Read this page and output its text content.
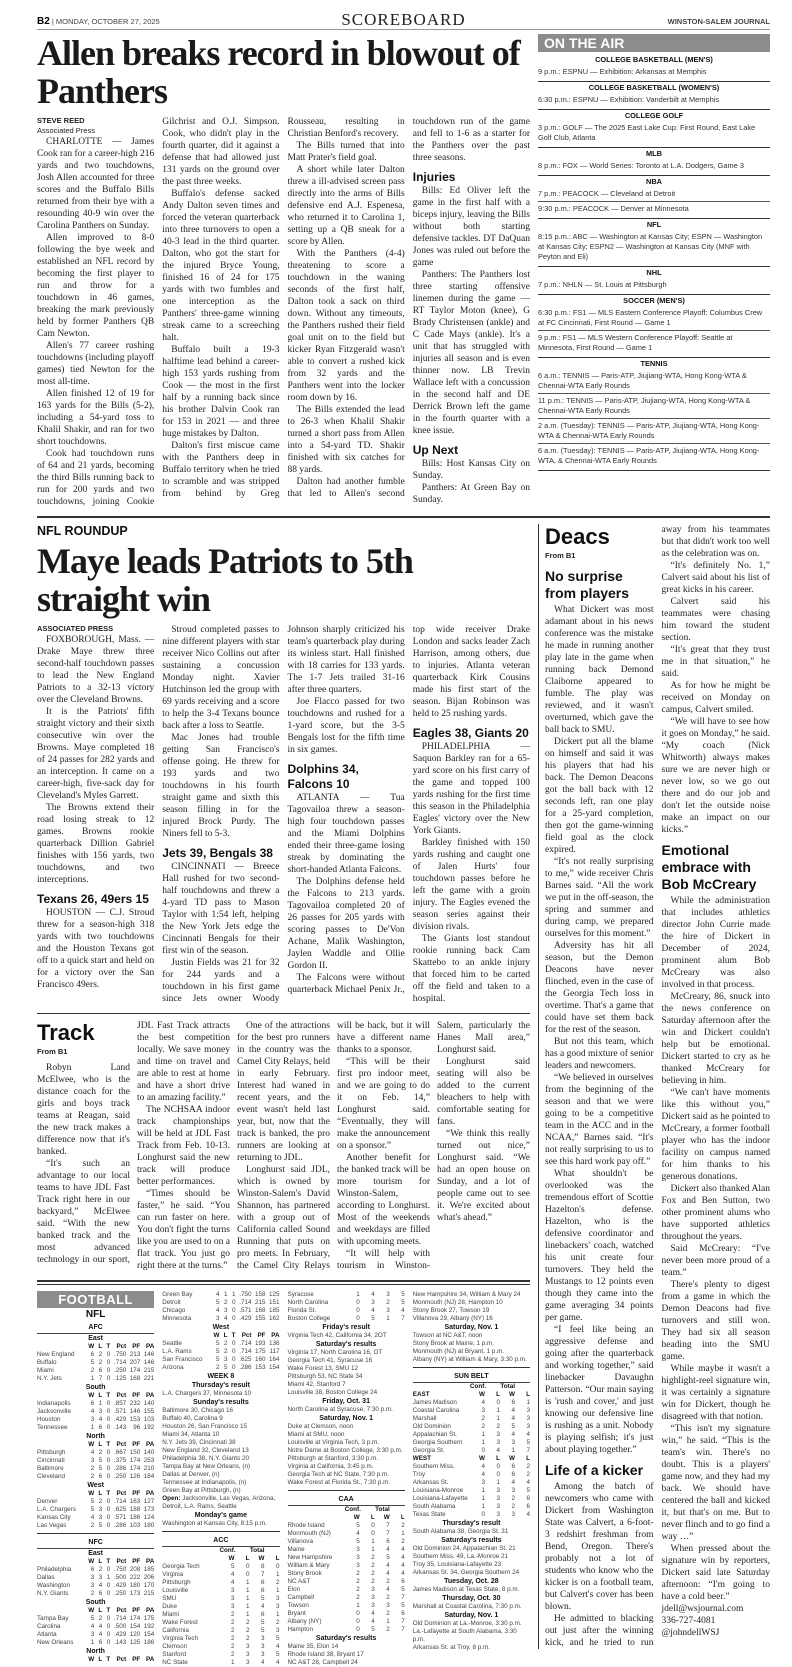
B2 | MONDAY, OCTOBER 27, 2025	SCOREBOARD	WINSTON-SALEM JOURNAL
Allen breaks record in blowout of Panthers
STEVE REED
Associated Press

CHARLOTTE — James Cook ran for a career-high 216 yards and two touchdowns, Josh Allen accounted for three scores and the Buffalo Bills returned from their bye with a resounding 40-9 win over the Carolina Panthers on Sunday.

Allen improved to 8-0 following the bye week and established an NFL record by becoming the first player to run and throw for a touchdown in 46 games, breaking the mark previously held by former Panthers QB Cam Newton.

Allen's 77 career rushing touchdowns (including playoff games) tied Newton for the most all-time.

Allen finished 12 of 19 for 163 yards for the Bills (5-2), including a 54-yard toss to Khalil Shakir, and ran for two short touchdowns.

Cook had touchdown runs of 64 and 21 yards, becoming the third Bills running back to run for 200 yards and two touchdowns, joining Cookie Gilchrist and O.J. Simpson. Cook, who didn't play in the fourth quarter, did it against a defense that had allowed just 131 yards on the ground over the past three weeks.

Buffalo's defense sacked Andy Dalton seven times and forced the veteran quarterback into three turnovers to open a 40-3 lead in the third quarter. Dalton, who got the start for the injured Bryce Young, finished 16 of 24 for 175 yards with two fumbles and one interception as the Panthers' three-game winning streak came to a screeching halt.

Buffalo built a 19-3 halftime lead behind a career-high 153 yards rushing from Cook — the most in the first half by a running back since his brother Dalvin Cook ran for 153 in 2021 — and three huge mistakes by Dalton.

Dalton's first miscue came with the Panthers deep in Buffalo territory when he tried to scramble and was stripped from behind by Greg Rousseau, resulting in Christian Benford's recovery.

The Bills turned that into Matt Prater's field goal.

A short while later Dalton threw a ill-advised screen pass directly into the arms of Bills defensive end A.J. Espenesa, who returned it to Carolina 1, setting up a QB sneak for a score by Allen.

With the Panthers (4-4) threatening to score a touchdown in the waning seconds of the first half, Dalton took a sack on third down. Without any timeouts, the Panthers rushed their field goal unit on to the field but kicker Ryan Fitzgerald wasn't able to convert a rushed kick from 32 yards and the Panthers went into the locker room down by 16.

The Bills extended the lead to 26-3 when Khalil Shakir turned a short pass from Allen into a 54-yard TD. Shakir finished with six catches for 88 yards.

Dalton had another fumble that led to Allen's second touchdown run of the game and fell to 1-6 as a starter for the Panthers over the past three seasons.

Injuries

Bills: Ed Oliver left the game in the first half with a biceps injury, leaving the Bills without both starting defensive tackles. DT DaQuan Jones was ruled out before the game

Panthers: The Panthers lost three starting offensive linemen during the game — RT Taylor Moton (knee), G Brady Christensen (ankle) and C Cade Mays (ankle). It's a unit that has struggled with injuries all season and is even thinner now. LB Trevin Wallace left with a concussion in the second half and DE Derrick Brown left the game in the fourth quarter with a knee issue.

Up Next

Bills: Host Kansas City on Sunday.

Panthers: At Green Bay on Sunday.

ON THE AIR
COLLEGE BASKETBALL (MEN'S)
9 p.m.: ESPNU — Exhibition: Arkansas at Memphis
COLLEGE BASKETBALL (WOMEN'S)
6:30 p.m.: ESPNU — Exhibition: Vanderbilt at Memphis
COLLEGE GOLF
3 p.m.: GOLF — The 2025 East Lake Cup: First Round, East Lake Golf Club, Atlanta
MLB
8 p.m.: FOX — World Series: Toronto at L.A. Dodgers, Game 3
NBA
7 p.m.: PEACOCK — Cleveland at Detroit
9:30 p.m.: PEACOCK — Denver at Minnesota
NFL
8:15 p.m.: ABC — Washington at Kansas City; ESPN — Washington at Kansas City; ESPN2 — Washington at Kansas City (MNF with Peyton and Eli)
NHL
7 p.m.: NHLN — St. Louis at Pittsburgh
SOCCER (MEN'S)
6:30 p.m.: FS1 — MLS Eastern Conference Playoff: Columbus Crew at FC Cincinnati, First Round — Game 1
9 p.m.: FS1 — MLS Western Conference Playoff: Seattle at Minnesota, First Round — Game 1
TENNIS
6 a.m.: TENNIS — Paris-ATP, Jiujiang-WTA, Hong Kong-WTA & Chennai-WTA Early Rounds
11 p.m.: TENNIS — Paris-ATP, Jiujiang-WTA, Hong Kong-WTA & Chennai-WTA Early Rounds
2 a.m. (Tuesday): TENNIS — Paris-ATP, Jiujiang-WTA, Hong Kong-WTA & Chennai-WTA Early Rounds
6 a.m. (Tuesday): TENNIS — Paris-ATP, Jiujiang-WTA, Hong Kong-WTA, & Chennai-WTA Early Rounds
NFL ROUNDUP
Maye leads Patriots to 5th straight win
ASSOCIATED PRESS

FOXBOROUGH, Mass. — Drake Maye threw three second-half touchdown passes to lead the New England Patriots to a 32-13 victory over the Cleveland Browns.

It is the Patriots' fifth straight victory and their sixth consecutive win over the Browns. Maye completed 18 of 24 passes for 282 yards and an interception. It came on a career-high, five-sack day for Cleveland's Myles Garrett.

The Browns extend their road losing streak to 12 games. Browns rookie quarterback Dillion Gabriel finishes with 156 yards, two touchdowns, and two interceptions.

Texans 26, 49ers 15

HOUSTON — C.J. Stroud threw for a season-high 318 yards with two touchdowns and the Houston Texans got off to a quick start and held on for a victory over the San Francisco 49ers.

Stroud completed passes to nine different players with star receiver Nico Collins out after sustaining a concussion Monday night. Xavier Hutchinson led the group with 69 yards receiving and a score to help the 3-4 Texans bounce back after a loss to Seattle.

Mac Jones had trouble getting San Francisco's offense going. He threw for 193 yards and two touchdowns in his fourth straight game and sixth this season filling in for the injured Brock Purdy. The Niners fell to 5-3.

Jets 39, Bengals 38

CINCINNATI — Breece Hall rushed for two second-half touchdowns and threw a 4-yard TD pass to Mason Taylor with 1:54 left, helping the New York Jets edge the Cincinnati Bengals for their first win of the season.

Justin Fields was 21 for 32 for 244 yards and a touchdown in his first game since Jets owner Woody Johnson sharply criticized his team's quarterback play during its winless start. Hall finished with 18 carries for 133 yards. The 1-7 Jets trailed 31-16 after three quarters.

Joe Flacco passed for two touchdowns and rushed for a 1-yard score, but the 3-5 Bengals lost for the fifth time in six games.

Dolphins 34, Falcons 10

ATLANTA — Tua Tagovailoa threw a season-high four touchdown passes and the Miami Dolphins ended their three-game losing streak by dominating the short-handed Atlanta Falcons.

The Dolphins defense held the Falcons to 213 yards. Tagovailoa completed 20 of 26 passes for 205 yards with scoring passes to De'Von Achane, Malik Washington, Jaylen Waddle and Ollie Gordon II.

The Falcons were without quarterback Michael Penix Jr., top wide receiver Drake London and sacks leader Zach Harrison, among others, due to injuries. Atlanta veteran quarterback Kirk Cousins made his first start of the season. Bijan Robinson was held to 25 rushing yards.

Eagles 38, Giants 20

PHILADELPHIA — Saquon Barkley ran for a 65-yard score on his first carry of the game and topped 100 yards rushing for the first time this season in the Philadelphia Eagles' victory over the New York Giants.

Barkley finished with 150 yards rushing and caught one of Jalen Hurts' four touchdown passes before he left the game with a groin injury. The Eagles evened the season series against their division rivals.

The Giants lost standout rookie running back Cam Skattebo to an ankle injury that forced him to be carted off the field and taken to a hospital.

Track
From B1

Robyn Land McElwee, who is the distance coach for the girls and boys track teams at Reagan, said the new track makes a difference now that it's banked.

“It's such an advantage to our local teams to have JDL Fast Track right here in our backyard,” McElwee said. “With the new banked track and the most advanced technology in our sport, JDL Fast Track attracts the best competition locally. We save money and time on travel and are able to rest at home and have a short drive to an amazing facility.”

The NCHSAA indoor track championships will be held at JDL Fast Track from Feb. 10-13. Longhurst said the new track will produce better performances.

“Times should be faster,” he said. “You can run faster on here. You don't fight the turns like you are used to on a flat track. You just go right there at the turns.”

One of the attractions for the best pro runners in the country was the Camel City Relays, held in early February. Interest had waned in recent years, and the event wasn't held last year, but, now that the track is banked, the pro runners are looking at returning to JDL.

Longhurst said JDL, which is owned by Winston-Salem's David Shannon, has partnered with a group out of California called Sound Running that puts on pro meets. In February, the Camel City Relays will be back, but it will have a different name thanks to a sponsor.

“This will be their first pro indoor meet, and we are going to do it on Feb. 14,” Longhurst said. “Eventually, they will make the announcement on a sponsor.”

Another benefit for the banked track will be more tourism for Winston-Salem, according to Longhurst. Most of the weekends and weekdays are filled with upcoming meets.

“It will help with tourism in Winston-Salem, particularly the Hanes Mall area,” Longhurst said.

Longhurst said seating will also be added to the current bleachers to help with comfortable seating for fans.

“We think this really turned out nice,” Longhurst said. “We had an open house on Sunday, and a lot of people came out to see it. We're excited about what's ahead.”

FOOTBALL
NFL
AFC
East
W L T Pct PF PA
New England	6 2 0 .750 213 146
Buffalo	5 2 0 .714 207 146
Miami	2 6 0 .250 174 215
N.Y. Jets	1 7 0 .125 168 221
South
W L T Pct PF PA
Indianapolis	6 1 0 .857 232 140
Jacksonville	4 3 0 .571 146 155
Houston	3 4 0 .429 153 103
Tennessee	1 6 0 .143	96 192
North
W L T Pct PF PA
Pittsburgh	4 2 0 .667 150 140
Cincinnati	3 5 0 .375 174 253
Baltimore	2 5 0 .286 174 210
Cleveland	2 6 0 .250 126 184
West
W L T Pct PF PA
Denver	5 2 0 .714 163 127
L.A. Chargers	5 3 0 .625 188 173
Kansas City	4 3 0 .571 186 124
Las Vegas	2 5 0 .286 103 180
NFC
East
W L T Pct PF PA
Philadelphia	6 2 0 .750 208 185
Dallas	3 3 1 .500 222 206
Washington	3 4 0 .429 180 170
N.Y. Giants	2 6 0 .250 173 215
South
W L T Pct PF PA
Tampa Bay	5 2 0 .714 174 175
Carolina	4 4 0 .500 154 192
Atlanta	3 4 0 .429 120 154
New Orleans	1 6 0 .143 125 186
North
W L T Pct PF PA
Green Bay	4 1 1 .750 158 125
Detroit	5 2 0 .714 215 151
Chicago	4 3 0 .571 168 185
Minnesota	3 4 0 .429 155 162
West
W L T Pct PF PA
Seattle	5 2 0 .714 193 136
L.A. Rams	5 2 0 .714 175 117
San Francisco	5 3 0 .625 160 164
Arizona	2 5 0 .286 153 154
WEEK 8
Thursday's result
L.A. Chargers 37, Minnesota 10
Sunday's results
Baltimore 30, Chicago 16
Buffalo 40, Carolina 9
Houston 26, San Francisco 15
Miami 34, Atlanta 10
N.Y. Jets 39, Cincinnati 38
New England 32, Cleveland 13
Philadelphia 38, N.Y. Giants 20
Tampa Bay at New Orleans, (n)
Dallas at Denver, (n)
Tennessee at Indianapolis, (n)
Green Bay at Pittsburgh, (n)
Open: Jacksonville, Las Vegas, Arizona, Detroit, L.A. Rams, Seattle
Monday's game
Washington at Kansas City, 8:15 p.m.
ACC
Conf. Total
W	L	W	L
Georgia Tech	5	0	8	0
Virginia	4	0	7	1
Pittsburgh	4	1	6	2
Louisville	3	1	6	1
SMU	3	1	5	3
Duke	3	1	4	3
Miami	2	1	6	1
Wake Forest	2	2	5	2
California	2	2	5	3
Virginia Tech	2	2	3	5
Clemson	2	3	3	4
Stanford	2	3	3	5
NC State	1	3	4	4
Syracuse	1	4	3	5
North Carolina	0	3	2	5
Florida St.	0	4	3	4
Boston College	0	5	1	7
Friday's result
Virginia Tech 42, California 34, 2OT
Saturday's results
Virginia 17, North Carolina 16, OT
Georgia Tech 41, Syracuse 16
Wake Forest 13, SMU 12
Pittsburgh 53, NC State 34
Miami 42, Stanford 7
Louisville 38, Boston College 24
Friday, Oct. 31
North Carolina at Syracuse, 7:30 p.m.
Saturday, Nov. 1
Duke at Clemson, noon
Miami at SMU, noon
Louisville at Virginia Tech, 3 p.m.
Notre Dame at Boston College, 3:30 p.m.
Pittsburgh at Stanford, 3:30 p.m.
Virginia at California, 3:45 p.m.
Georgia Tech at NC State, 7:30 p.m.
Wake Forest at Florida St., 7:30 p.m.
CAA
Conf. Total
W	L	W	L
Rhode Island	5	0	7	2
Monmouth (NJ)	4	0	7	1
Villanova	5	1	6	2
Maine	3	1	4	4
New Hampshire	3	2	5	4
William & Mary	3	2	4	4
Stony Brook	2	2	4	4
NC A&T	2	2	2	6
Elon	2	3	4	5
Campbell	2	3	2	7
Towson	1	3	3	5
Bryant	0	4	2	6
Albany (NY)	0	4	1	7
Hampton	0	5	2	7
Saturday's results
Maine 35, Elon 14
Rhode Island 38, Bryant 17
NC A&T 28, Campbell 24
New Hampshire 34, William & Mary 24
Monmouth (NJ) 28, Hampton 10
Stony Brook 27, Towson 19
Villanova 29, Albany (NY) 16
Saturday, Nov. 1
Towson at NC A&T, noon
Stony Brook at Maine, 1 p.m.
Monmouth (NJ) at Bryant, 1 p.m.
Albany (NY) at William & Mary, 3:30 p.m.
SUN BELT
Conf. Total
EAST	W	L	W	L
James Madison	4	0	6	1
Coastal Carolina	3	1	4	3
Marshall	2	1	4	3
Old Dominion	2	2	5	3
Appalachian St.	1	3	4	4
Georgia Southern	1	3	3	5
Georgia St.	0	4	1	7
WEST	W	L	W	L
Southern Miss.	4	0	6	2
Troy	4	0	6	2
Arkansas St.	3	1	4	4
Louisiana-Monroe	1	3	3	5
Louisiana-Lafayette	1	3	2	6
South Alabama	1	3	2	6
Texas State	0	3	3	4
Thursday's result
South Alabama 38, Georgia St. 31
Saturday's results
Old Dominion 24, Appalachian St. 21
Southern Miss. 49, La.-Monroe 21
Troy 35, Louisiana-Lafayette 23
Arkansas St. 34, Georgia Southern 24
Tuesday, Oct. 28
James Madison at Texas State, 8 p.m.
Thursday, Oct. 30
Marshall at Coastal Carolina, 7:30 p.m.
Saturday, Nov. 1
Old Dominion at La.-Monroe, 3:30 p.m.
La.-Lafayette at South Alabama, 3:30 p.m.
Arkansas St. at Troy, 8 p.m.
Deacs
From B1
No surprise from players

What Dickert was most adamant about in his news conference was the mistake he made in running another play late in the game when running back Demond Claiborne appeared to fumble. The play was reviewed, and it wasn't overturned, which gave the ball back to SMU.

Dickert put all the blame on himself and said it was his players that had his back. The Demon Deacons got the ball back with 12 seconds left, ran one play for a 25-yard completion, then got the game-winning field goal as the clock expired.

“It's not really surprising to me,” wide receiver Chris Barnes said. “All the work we put in the off-season, the spring and summer and during camp, we prepared ourselves for this moment.”

Adversity has hit all season, but the Demon Deacons have never flinched, even in the case of the Georgia Tech loss in overtime. That's a game that could have set them back for the rest of the season.

But not this team, which has a good mixture of senior leaders and newcomers.

“We believed in ourselves from the beginning of the season and that we were going to be a competitive team in the ACC and in the NCAA,” Barnes said. “It's not really surprising to us to see this hard work pay off.”

What shouldn't be overlooked was the tremendous effort of Scottie Hazelton's defense. Hazelton, who is the defensive coordinator and linebackers' coach, watched his unit create four turnovers. They held the Mustangs to 12 points even though they came into the game averaging 34 points per game.

“I feel like being an aggressive defense and going after the quarterback and working together,” said linebacker Davaughn Patterson. “Our main saying is 'rush and cover,' and just knowing our defensive line is rushing as a unit. Nobody is playing selfish; it's just about playing together.”

Life of a kicker

Among the batch of newcomers who came with Dickert from Washington State was Calvert, a 6-foot-3 redshirt freshman from Bend, Oregon. There's probably not a lot of students who know who the kicker is on a football team, but Calvert's cover has been blown.

He admitted to blacking out just after the winning kick, and he tried to run away from his teammates but that didn't work too well as the celebration was on.

“It's definitely No. 1,” Calvert said about his list of great kicks in his career.

Calvert said his teammates were chasing him toward the student section.

“It's great that they trust me in that situation,” he said.

As for how he might be received on Monday on campus, Calvert smiled.

“We will have to see how it goes on Monday,” he said. “My coach (Nick Whitworth) always makes sure we are never high or never low, so we go out there and do our job and don't let the outside noise make an impact on our kicks.”

Emotional embrace with Bob McCreary

While the administration that includes athletics director John Currie made the hire of Dickert in December of 2024, prominent alum Bob McCreary was also involved in that process.

McCreary, 86, snuck into the news conference on Saturday afternoon after the win and Dickert couldn't help but be emotional. Dickert started to cry as he thanked McCreary for believing in him.

“We can't have moments like this without you,” Dickert said as he pointed to McCreary, a former football player who has the indoor facility on campus named for him thanks to his generous donations.

Dickert also thanked Alan Fox and Ben Sutton, two other prominent alums who have supported athletics throughout the years.

Said McCreary: “I've never been more proud of a team.”

There's plenty to digest from a game in which the Demon Deacons had five turnovers and still won. They had six all season heading into the SMU game.

While maybe it wasn't a highlight-reel signature win, it was certainly a signature win for Dickert, though he disagreed with that notion.

“This isn't my signature win,” he said. “This is the team's win. There's no doubt. This is a players' game now, and they had my back. We should have centered the ball and kicked it, but that's on me. But to never flinch and to go find a way …”

When pressed about the signature win by reporters, Dickert said late Saturday afternoon: “I'm going to have a cold beer.”

jdell@wsjournal.com

336-727-4081

@johndellWSJ
